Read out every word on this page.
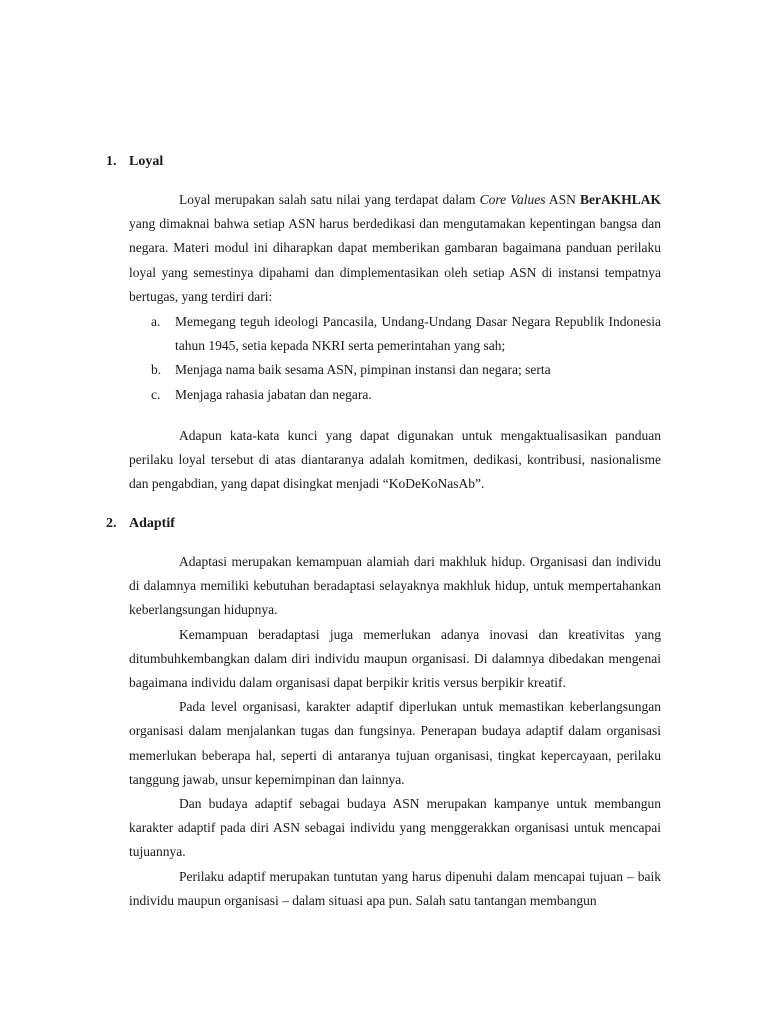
1. Loyal

Loyal merupakan salah satu nilai yang terdapat dalam Core Values ASN BerAKHLAK yang dimaknai bahwa setiap ASN harus berdedikasi dan mengutamakan kepentingan bangsa dan negara. Materi modul ini diharapkan dapat memberikan gambaran bagaimana panduan perilaku loyal yang semestinya dipahami dan dimplementasikan oleh setiap ASN di instansi tempatnya bertugas, yang terdiri dari:

a.	Memegang teguh ideologi Pancasila, Undang-Undang Dasar Negara Republik Indonesia tahun 1945, setia kepada NKRI serta pemerintahan yang sah;
b.	Menjaga nama baik sesama ASN, pimpinan instansi dan negara; serta
c.	Menjaga rahasia jabatan dan negara.

Adapun kata-kata kunci yang dapat digunakan untuk mengaktualisasikan panduan perilaku loyal tersebut di atas diantaranya adalah komitmen, dedikasi, kontribusi, nasionalisme dan pengabdian, yang dapat disingkat menjadi “KoDeKoNasAb”.

2. Adaptif

Adaptasi merupakan kemampuan alamiah dari makhluk hidup. Organisasi dan individu di dalamnya memiliki kebutuhan beradaptasi selayaknya makhluk hidup, untuk mempertahankan keberlangsungan hidupnya.

Kemampuan beradaptasi juga memerlukan adanya inovasi dan kreativitas yang ditumbuhkembangkan dalam diri individu maupun organisasi. Di dalamnya dibedakan mengenai bagaimana individu dalam organisasi dapat berpikir kritis versus berpikir kreatif.

Pada level organisasi, karakter adaptif diperlukan untuk memastikan keberlangsungan organisasi dalam menjalankan tugas dan fungsinya. Penerapan budaya adaptif dalam organisasi memerlukan beberapa hal, seperti di antaranya tujuan organisasi, tingkat kepercayaan, perilaku tanggung jawab, unsur kepemimpinan dan lainnya.

Dan budaya adaptif sebagai budaya ASN merupakan kampanye untuk membangun karakter adaptif pada diri ASN sebagai individu yang menggerakkan organisasi untuk mencapai tujuannya.

Perilaku adaptif merupakan tuntutan yang harus dipenuhi dalam mencapai tujuan – baik individu maupun organisasi – dalam situasi apa pun. Salah satu tantangan membangun
